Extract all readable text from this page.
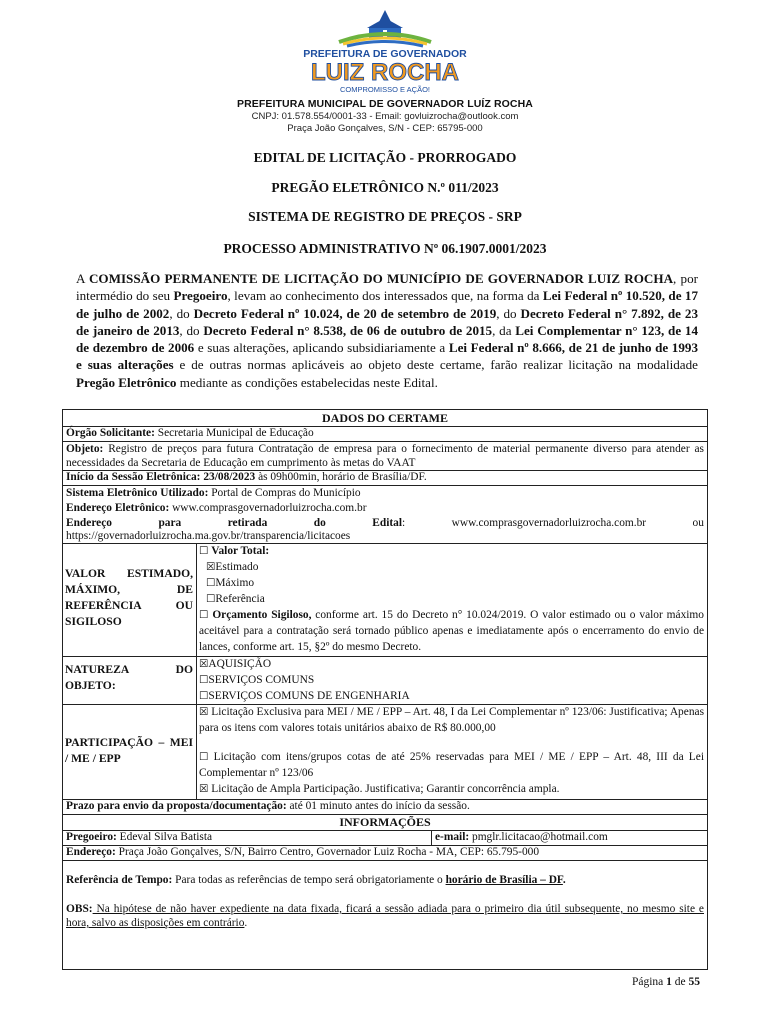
PREFEITURA DE GOVERNADOR
LUIZ ROCHA
COMPROMISSO E AÇÃO!
PREFEITURA MUNICIPAL DE GOVERNADOR LUÍZ ROCHA
CNPJ: 01.578.554/0001-33 - Email: govluizrocha@outlook.com
Praça João Gonçalves, S/N - CEP: 65795-000
EDITAL DE LICITAÇÃO - PRORROGADO
PREGÃO ELETRÔNICO N.º 011/2023
SISTEMA DE REGISTRO DE PREÇOS - SRP
PROCESSO ADMINISTRATIVO Nº 06.1907.0001/2023
A COMISSÃO PERMANENTE DE LICITAÇÃO DO MUNICÍPIO DE GOVERNADOR LUIZ ROCHA, por intermédio do seu Pregoeiro, levam ao conhecimento dos interessados que, na forma da Lei Federal nº 10.520, de 17 de julho de 2002, do Decreto Federal nº 10.024, de 20 de setembro de 2019, do Decreto Federal n° 7.892, de 23 de janeiro de 2013, do Decreto Federal n° 8.538, de 06 de outubro de 2015, da Lei Complementar n° 123, de 14 de dezembro de 2006 e suas alterações, aplicando subsidiariamente a Lei Federal nº 8.666, de 21 de junho de 1993 e suas alterações e de outras normas aplicáveis ao objeto deste certame, farão realizar licitação na modalidade Pregão Eletrônico mediante as condições estabelecidas neste Edital.
DADOS DO CERTAME
Órgão Solicitante: Secretaria Municipal de Educação
Objeto: Registro de preços para futura Contratação de empresa para o fornecimento de material permanente diverso para atender as necessidades da Secretaria de Educação em cumprimento às metas do VAAT
Início da Sessão Eletrônica: 23/08/2023 às 09h00min, horário de Brasília/DF.
Sistema Eletrônico Utilizado: Portal de Compras do Município
Endereço Eletrônico: www.comprasgovernadorluizrocha.com.br
Endereço	para	retirada	do	Edital:	www.comprasgovernadorluizrocha.com.br	ou
https://governadorluizrocha.ma.gov.br/transparencia/licitacoes
VALOR ESTIMADO, MÁXIMO, DE REFERÊNCIA OU SIGILOSO
☐ Valor Total:
☒Estimado
☐Máximo
☐Referência
☐ Orçamento Sigiloso, conforme art. 15 do Decreto n° 10.024/2019. O valor estimado ou o valor máximo aceitável para a contratação será tornado público apenas e imediatamente após o encerramento do envio de lances, conforme art. 15, §2º do mesmo Decreto.
NATUREZA DO OBJETO:
☒AQUISIÇÃO
☐SERVIÇOS COMUNS
☐SERVIÇOS COMUNS DE ENGENHARIA
PARTICIPAÇÃO – MEI / ME / EPP
☒ Licitação Exclusiva para MEI / ME / EPP – Art. 48, I da Lei Complementar nº 123/06: Justificativa; Apenas para os itens com valores totais unitários abaixo de R$ 80.000,00
☐ Licitação com itens/grupos cotas de até 25% reservadas para MEI / ME / EPP – Art. 48, III da Lei Complementar nº 123/06
☒ Licitação de Ampla Participação. Justificativa; Garantir concorrência ampla.
Prazo para envio da proposta/documentação: até 01 minuto antes do início da sessão.
INFORMAÇÕES
Pregoeiro: Edeval Silva Batista	e-mail: pmglr.licitacao@hotmail.com
Endereço: Praça João Gonçalves, S/N, Bairro Centro, Governador Luiz Rocha - MA, CEP: 65.795-000
Referência de Tempo: Para todas as referências de tempo será obrigatoriamente o horário de Brasília – DF.
OBS: Na hipótese de não haver expediente na data fixada, ficará a sessão adiada para o primeiro dia útil subsequente, no mesmo site e hora, salvo as disposições em contrário.
Página 1 de 55
